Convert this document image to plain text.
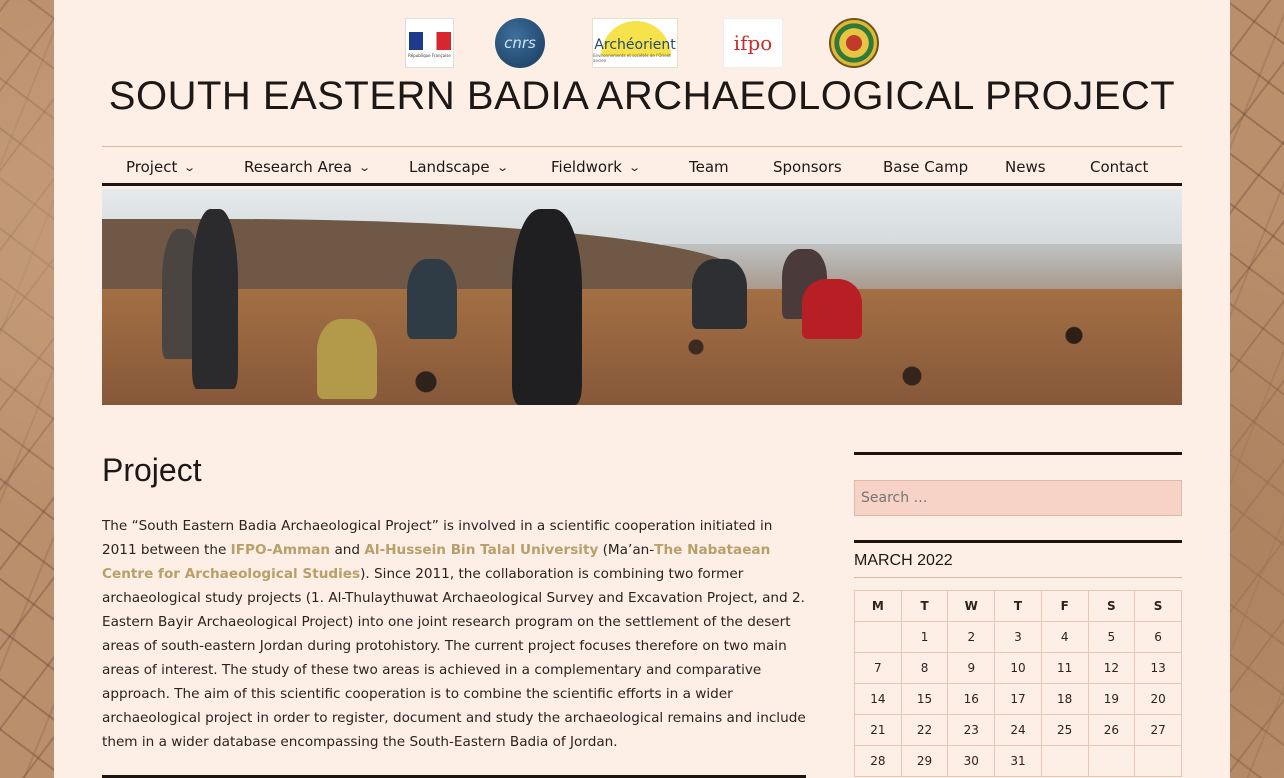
République Française
cnrs	Archéorient
Environnements et sociétés de l'Orient ancien
ifpo
SOUTH EASTERN BADIA ARCHAEOLOGICAL PROJECT
Project ⌄	Research Area ⌄	Landscape ⌄	Fieldwork ⌄	Team	Sponsors	Base Camp News	Contact
Project
The “South Eastern Badia Archaeological Project” is involved in a scientific cooperation initiated in 2011 between the IFPO-Amman and Al-Hussein Bin Talal University (Ma’an-The Nabataean Centre for Archaeological Studies). Since 2011, the collaboration is combining two former archaeological study projects (1. Al-Thulaythuwat Archaeological Survey and Excavation Project, and 2. Eastern Bayir Archaeological Project) into one joint research program on the settlement of the desert areas of south-eastern Jordan during protohistory. The current project focuses therefore on two main areas of interest. The study of these two areas is achieved in a complementary and comparative approach. The aim of this scientific cooperation is to combine the scientific efforts in a wider archaeological project in order to register, document and study the archaeological remains and include them in a wider database encompassing the South-Eastern Badia of Jordan.
Search …
MARCH 2022
M	T	W	T	F	S	S
	1	2	3	4	5	6
7	8	9	10	11	12	13
14	15	16	17	18	19	20
21	22	23	24	25	26	27
28	29	30	31			
